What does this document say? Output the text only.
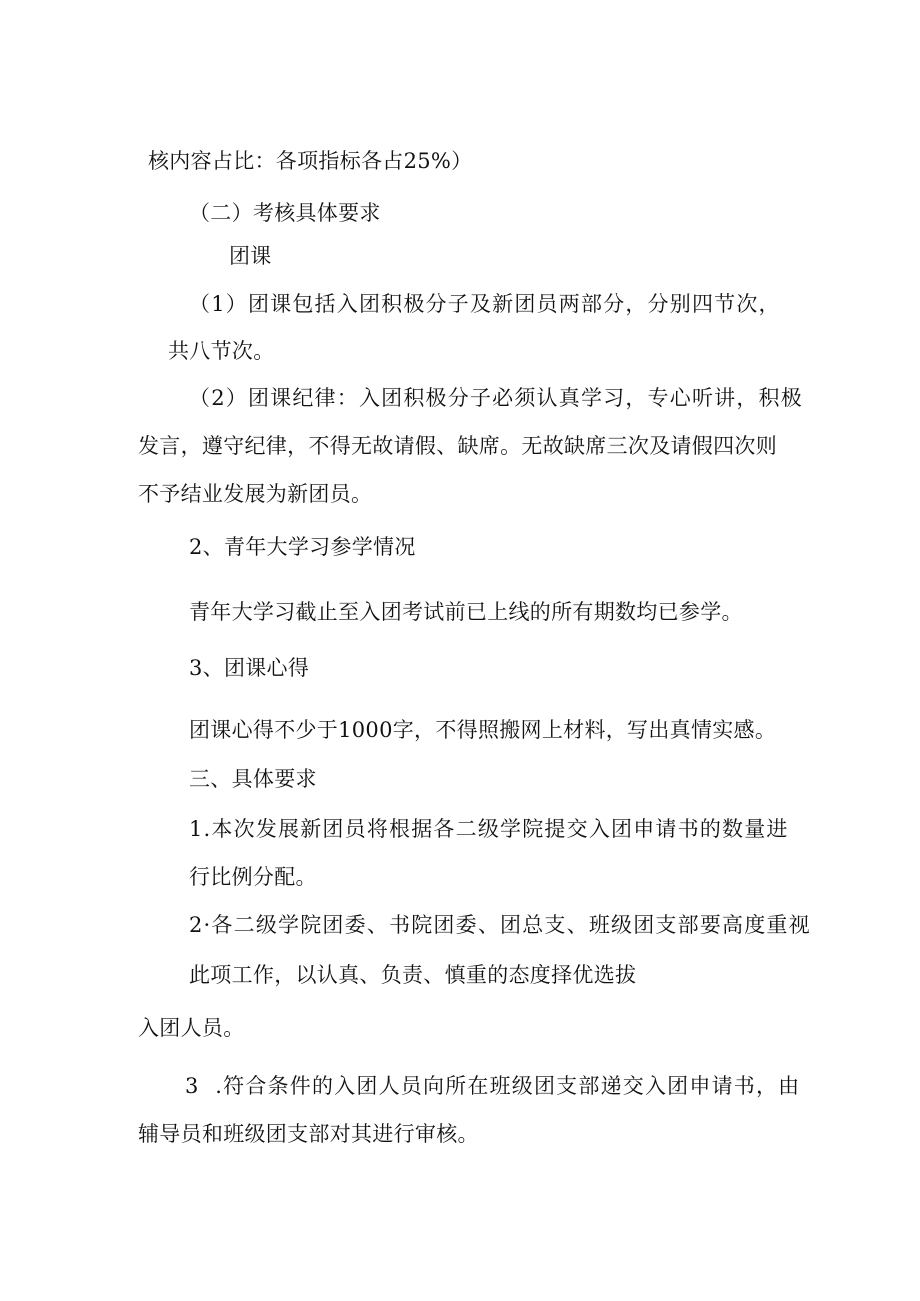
核内容占比：各项指标各占25%）
（二）考核具体要求
团课
（1）团课包括入团积极分子及新团员两部分，分别四节次，
共八节次。
（2）团课纪律：入团积极分子必须认真学习，专心听讲，积极
发言，遵守纪律，不得无故请假、缺席。无故缺席三次及请假四次则
不予结业发展为新团员。
2、青年大学习参学情况
青年大学习截止至入团考试前已上线的所有期数均已参学。
3、团课心得
团课心得不少于1000字，不得照搬网上材料，写出真情实感。
三、具体要求
1.本次发展新团员将根据各二级学院提交入团申请书的数量进
行比例分配。
2·各二级学院团委、书院团委、团总支、班级团支部要高度重视
此项工作，以认真、负责、慎重的态度择优选拔
入团人员。
3  .符合条件的入团人员向所在班级团支部递交入团申请书，由
辅导员和班级团支部对其进行审核。
